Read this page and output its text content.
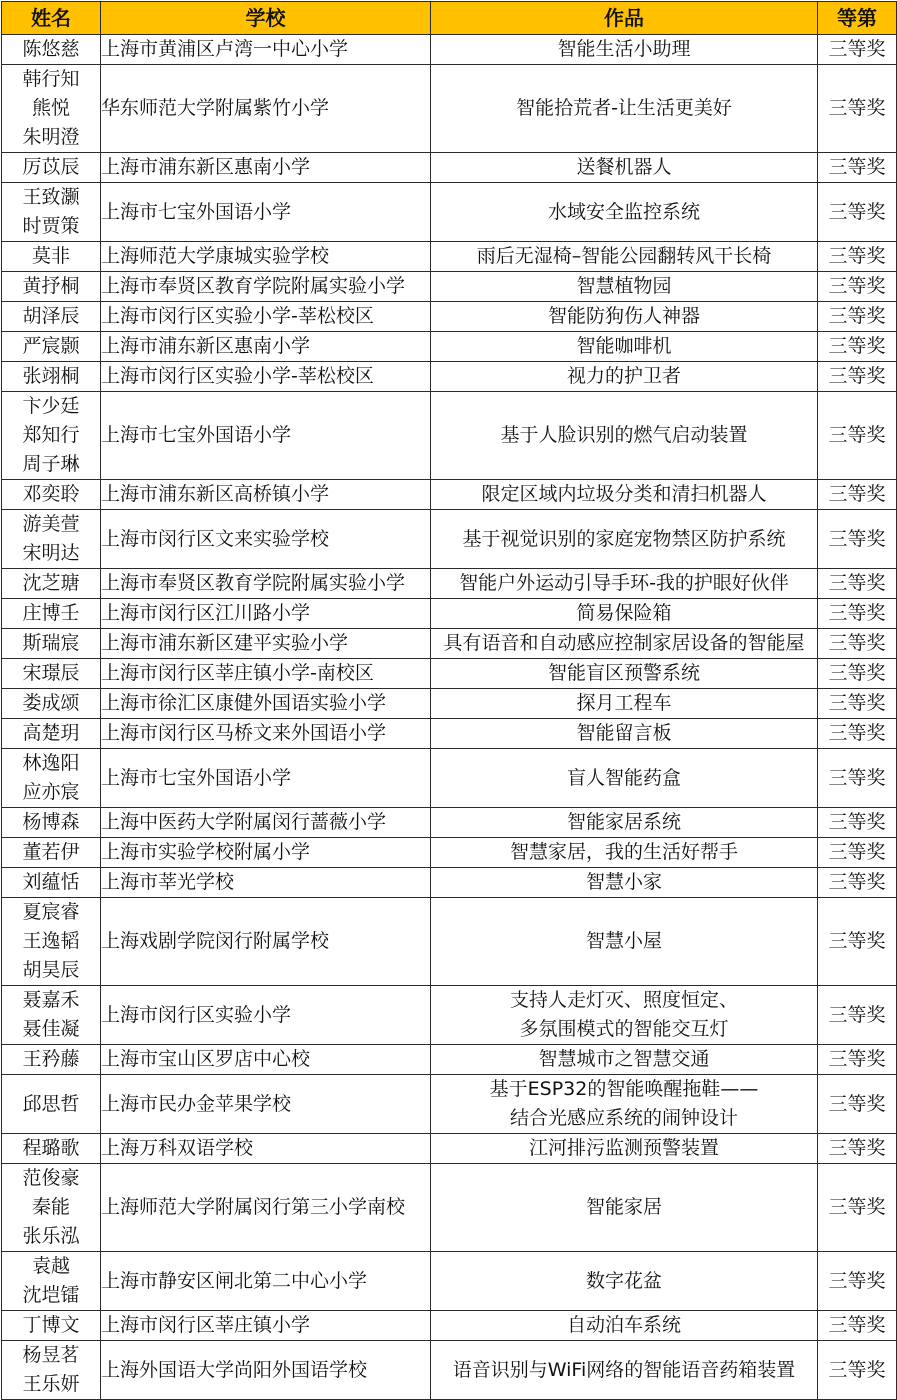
姓名	学校	作品	等第

陈悠慈	上海市黄浦区卢湾一中心小学	智能生活小助理	三等奖

韩行知
熊悦
朱明澄	华东师范大学附属紫竹小学	智能拾荒者-让生活更美好	三等奖

厉苡辰	上海市浦东新区惠南小学	送餐机器人	三等奖

王致灏
时贾策	上海市七宝外国语小学	水域安全监控系统	三等奖

莫非	上海师范大学康城实验学校	雨后无湿椅–智能公园翻转风干长椅	三等奖

黄抒桐	上海市奉贤区教育学院附属实验小学	智慧植物园	三等奖

胡泽辰	上海市闵行区实验小学-莘松校区	智能防狗伤人神器	三等奖

严宸颢	上海市浦东新区惠南小学	智能咖啡机	三等奖

张翊桐	上海市闵行区实验小学-莘松校区	视力的护卫者	三等奖

卞少廷
郑知行
周子琳	上海市七宝外国语小学	基于人脸识别的燃气启动装置	三等奖

邓奕聆	上海市浦东新区高桥镇小学	限定区域内垃圾分类和清扫机器人	三等奖

游美萱
宋明达	上海市闵行区文来实验学校	基于视觉识别的家庭宠物禁区防护系统	三等奖

沈芝瑭	上海市奉贤区教育学院附属实验小学	智能户外运动引导手环-我的护眼好伙伴	三等奖

庄博壬	上海市闵行区江川路小学	简易保险箱	三等奖

斯瑞宸	上海市浦东新区建平实验小学	具有语音和自动感应控制家居设备的智能屋	三等奖

宋璟辰	上海市闵行区莘庄镇小学-南校区	智能盲区预警系统	三等奖

娄成颂	上海市徐汇区康健外国语实验小学	探月工程车	三等奖

高楚玥	上海市闵行区马桥文来外国语小学	智能留言板	三等奖

林逸阳
应亦宸	上海市七宝外国语小学	盲人智能药盒	三等奖

杨博森	上海中医药大学附属闵行蔷薇小学	智能家居系统	三等奖

董若伊	上海市实验学校附属小学	智慧家居，我的生活好帮手	三等奖

刘蕴恬	上海市莘光学校	智慧小家	三等奖

夏宸睿
王逸韬
胡昊辰	上海戏剧学院闵行附属学校	智慧小屋	三等奖

聂嘉禾
聂佳凝	上海市闵行区实验小学	支持人走灯灭、照度恒定、
多氛围模式的智能交互灯	三等奖

王矜藤	上海市宝山区罗店中心校	智慧城市之智慧交通	三等奖

邱思哲	上海市民办金苹果学校	基于ESP32的智能唤醒拖鞋——
结合光感应系统的闹钟设计	三等奖

程璐歌	上海万科双语学校	江河排污监测预警装置	三等奖

范俊豪
秦能
张乐泓	上海师范大学附属闵行第三小学南校	智能家居	三等奖

袁越
沈垲镭	上海市静安区闸北第二中心小学	数字花盆	三等奖

丁博文	上海市闵行区莘庄镇小学	自动泊车系统	三等奖

杨昱茗
王乐妍	上海外国语大学尚阳外国语学校	语音识别与WiFi网络的智能语音药箱装置	三等奖
